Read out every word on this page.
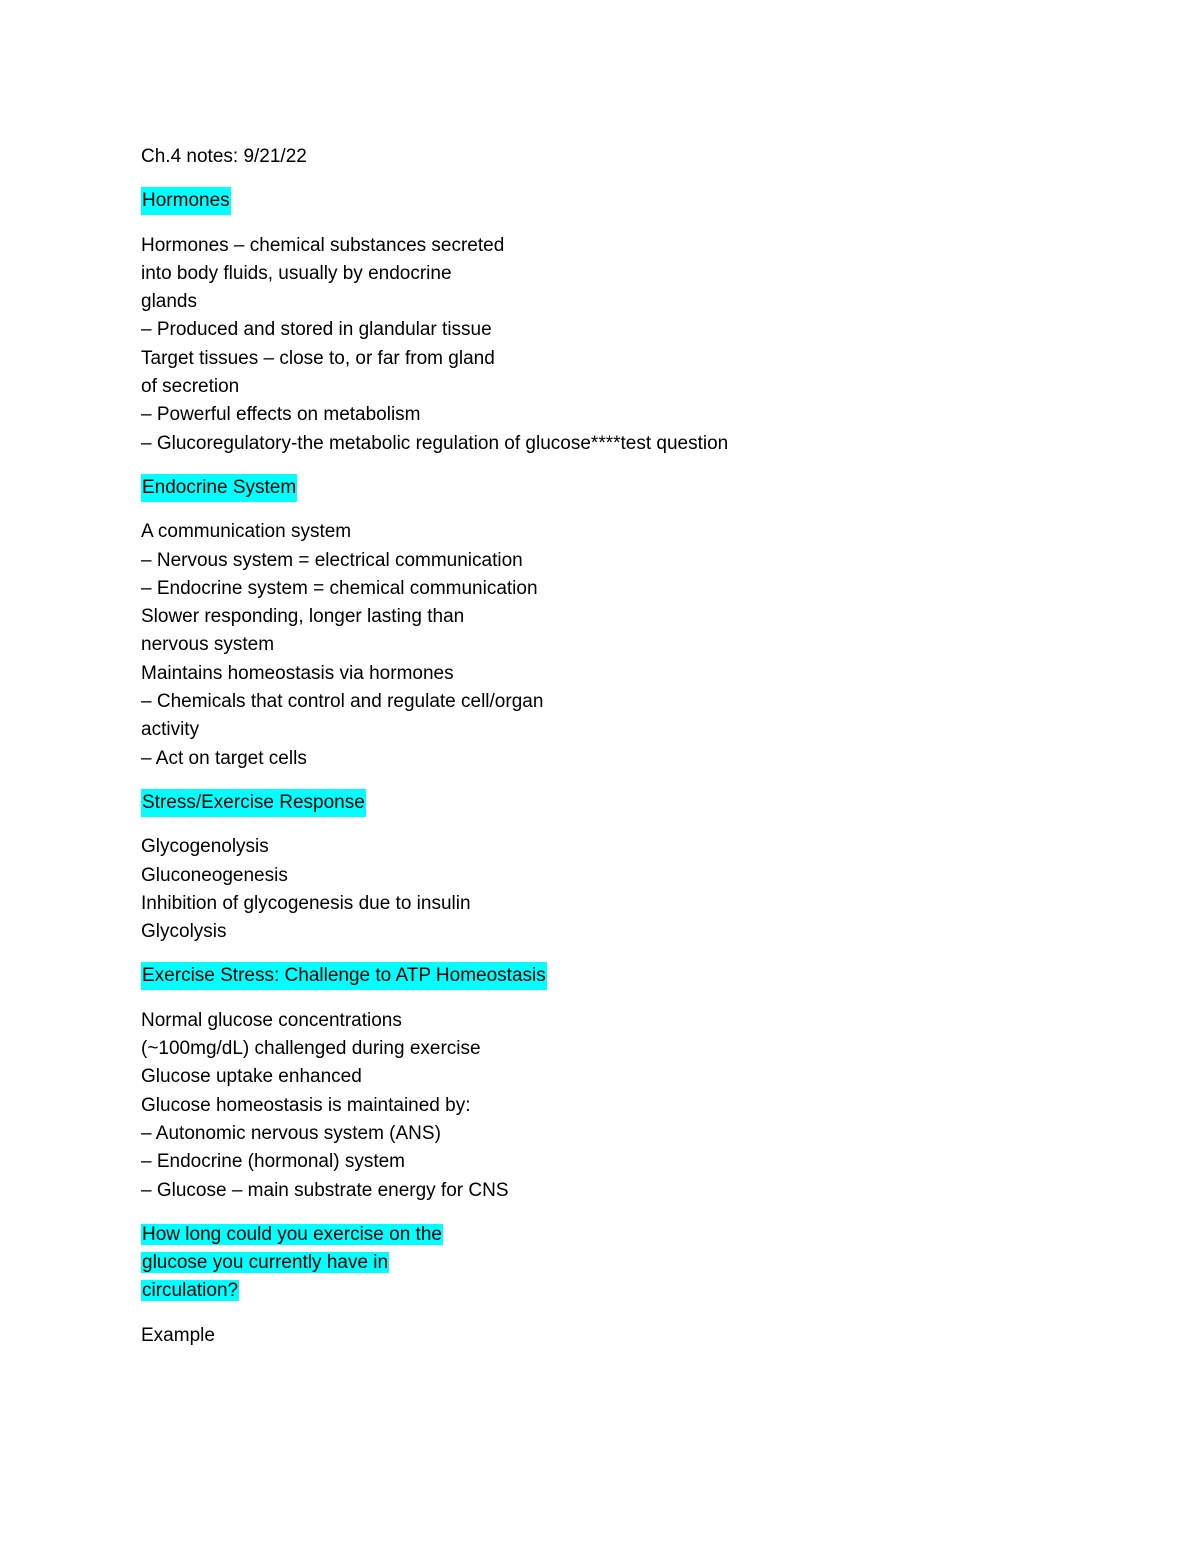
Ch.4 notes: 9/21/22
Hormones
Hormones – chemical substances secreted
into body fluids, usually by endocrine
glands
– Produced and stored in glandular tissue
Target tissues – close to, or far from gland
of secretion
– Powerful effects on metabolism
– Glucoregulatory-the metabolic regulation of glucose****test question
Endocrine System
A communication system
– Nervous system = electrical communication
– Endocrine system = chemical communication
Slower responding, longer lasting than
nervous system
Maintains homeostasis via hormones
– Chemicals that control and regulate cell/organ
activity
– Act on target cells
Stress/Exercise Response
Glycogenolysis
Gluconeogenesis
Inhibition of glycogenesis due to insulin
Glycolysis
Exercise Stress: Challenge to ATP Homeostasis
Normal glucose concentrations
(~100mg/dL) challenged during exercise
Glucose uptake enhanced
Glucose homeostasis is maintained by:
– Autonomic nervous system (ANS)
– Endocrine (hormonal) system
– Glucose – main substrate energy for CNS
How long could you exercise on the
glucose you currently have in
circulation?
Example
